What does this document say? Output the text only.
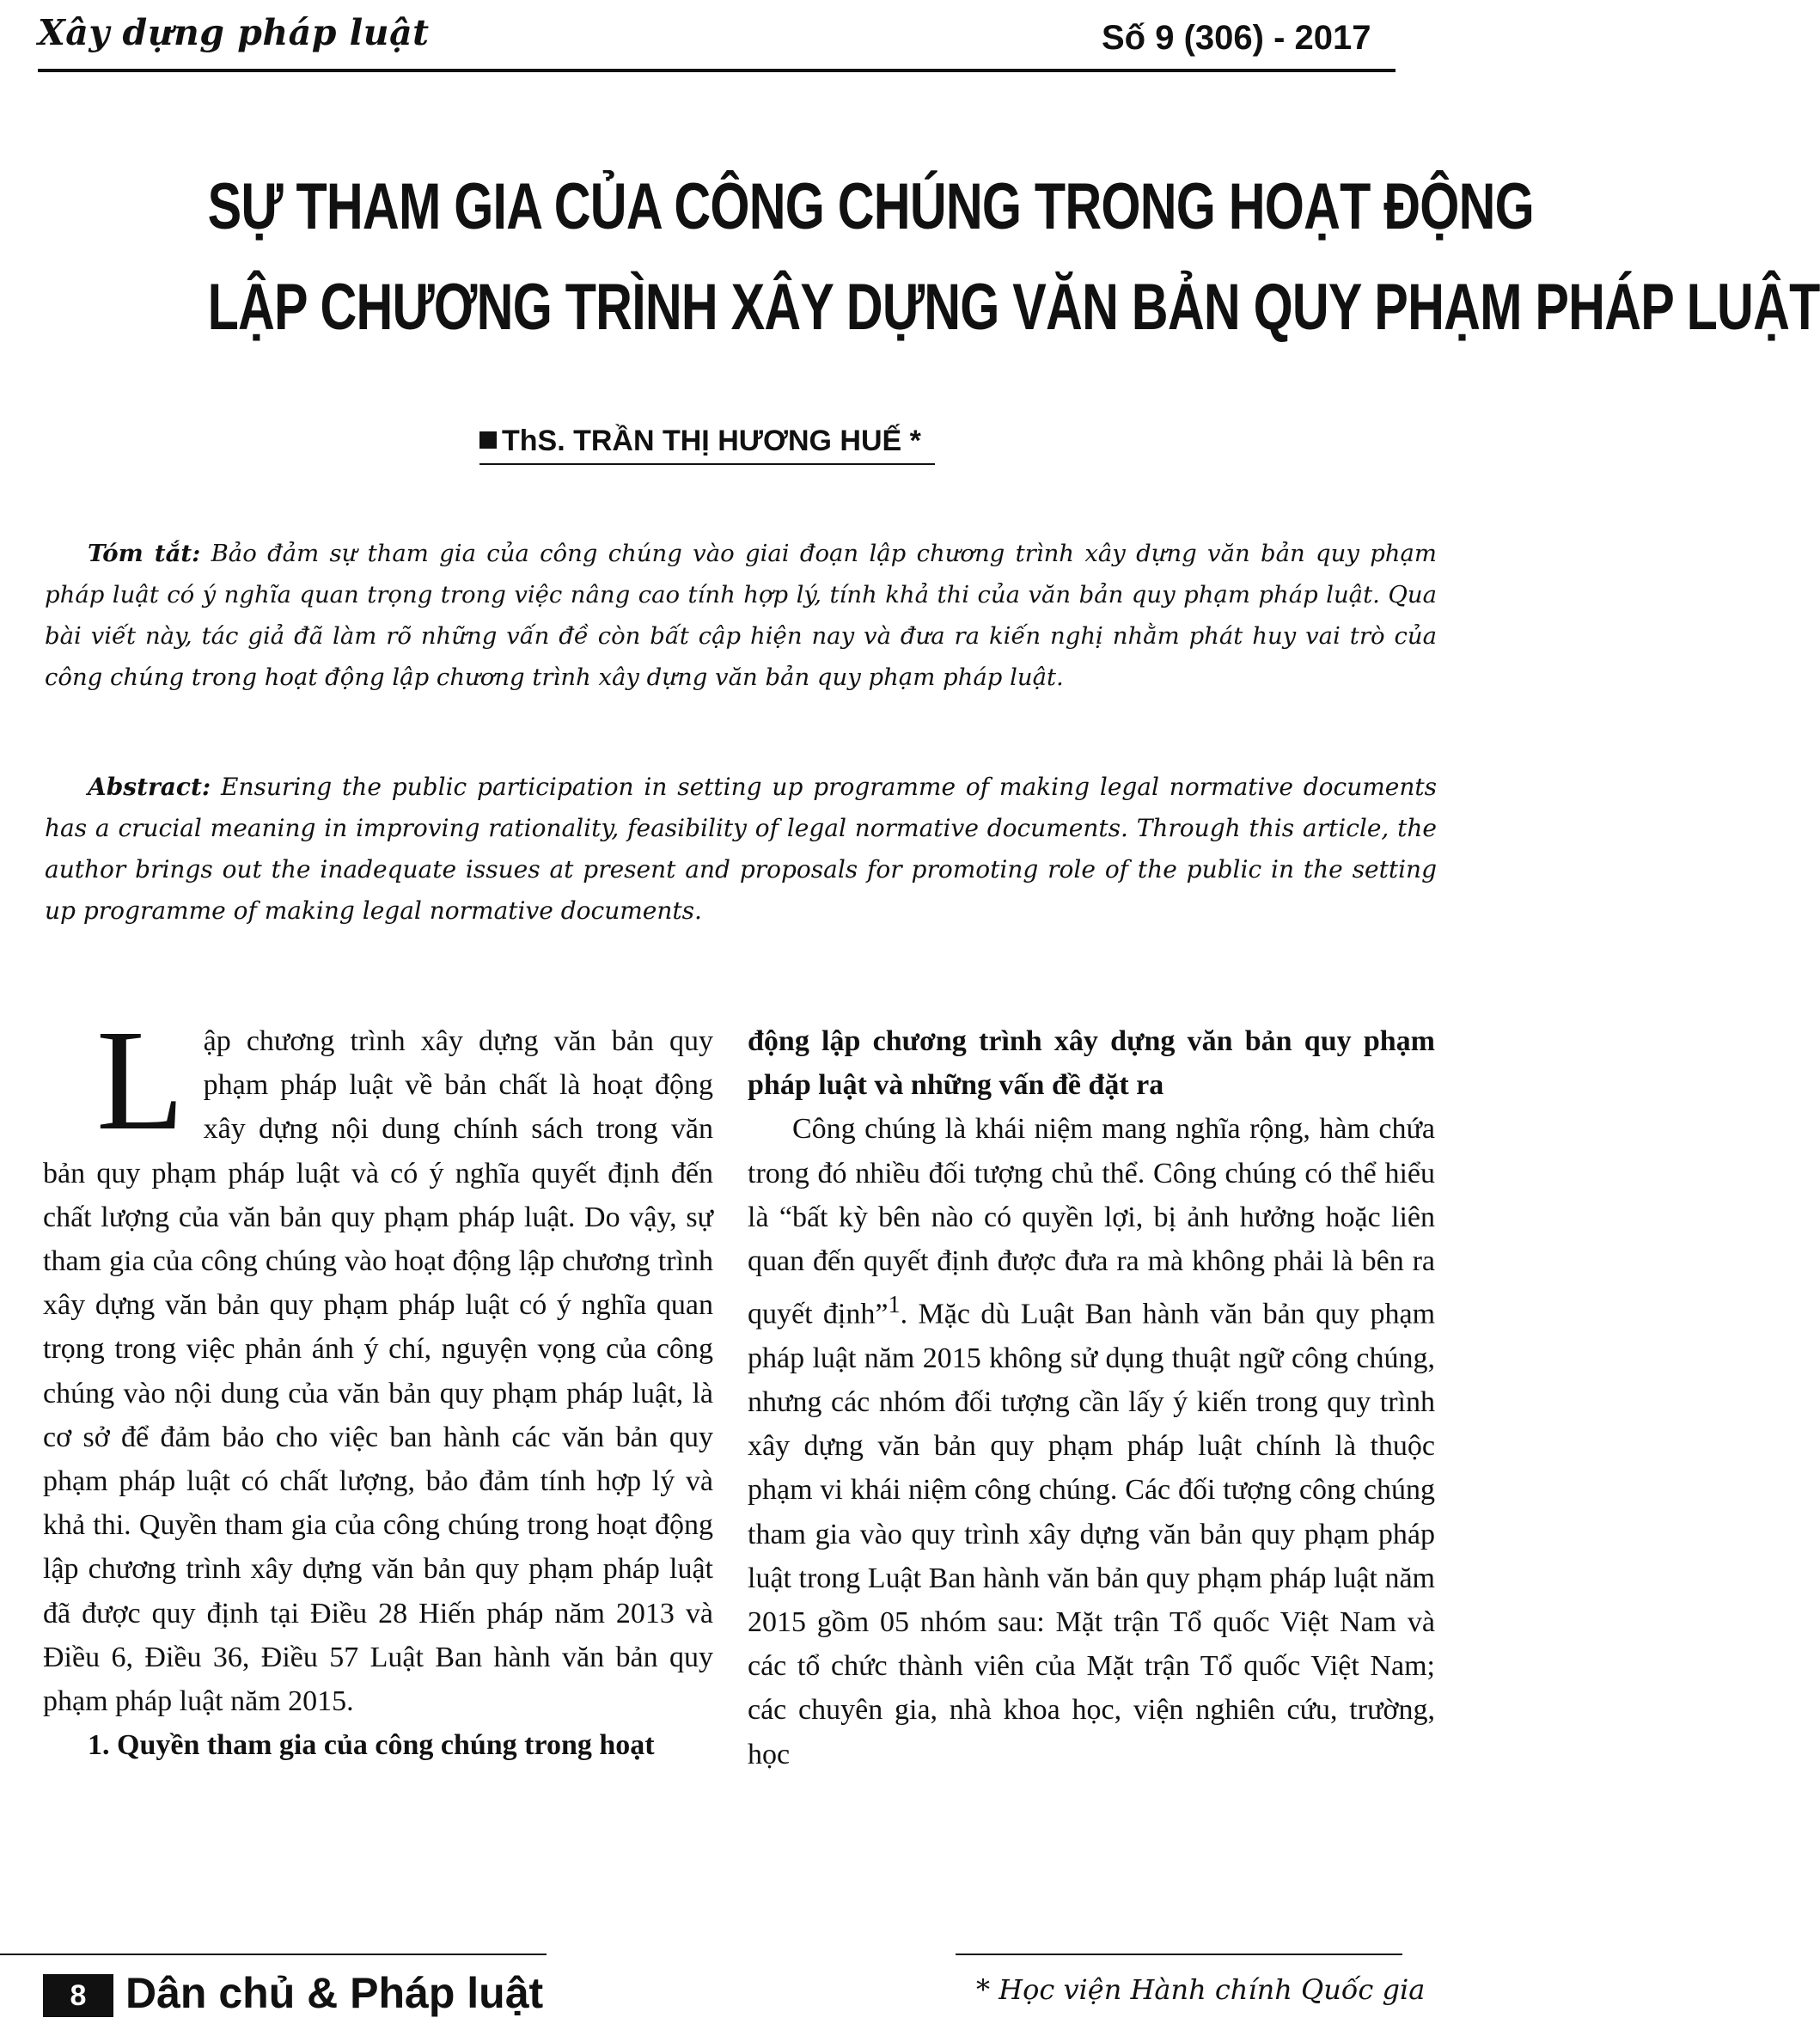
Xây dựng pháp luật	Số 9 (306) - 2017
SỰ THAM GIA CỦA CÔNG CHÚNG TRONG HOẠT ĐỘNG
LẬP CHƯƠNG TRÌNH XÂY DỰNG VĂN BẢN QUY PHẠM PHÁP LUẬT
ThS. TRẦN THỊ HƯƠNG HUẾ *
Tóm tắt: Bảo đảm sự tham gia của công chúng vào giai đoạn lập chương trình xây dựng văn bản quy phạm pháp luật có ý nghĩa quan trọng trong việc nâng cao tính hợp lý, tính khả thi của văn bản quy phạm pháp luật. Qua bài viết này, tác giả đã làm rõ những vấn đề còn bất cập hiện nay và đưa ra kiến nghị nhằm phát huy vai trò của công chúng trong hoạt động lập chương trình xây dựng văn bản quy phạm pháp luật.
Abstract: Ensuring the public participation in setting up programme of making legal normative documents has a crucial meaning in improving rationality, feasibility of legal normative documents. Through this article, the author brings out the inadequate issues at present and proposals for promoting role of the public in the setting up programme of making legal normative documents.
L ập chương trình xây dựng văn bản quy phạm pháp luật về bản chất là hoạt động xây dựng nội dung chính sách trong văn bản quy phạm pháp luật và có ý nghĩa quyết định đến chất lượng của văn bản quy phạm pháp luật. Do vậy, sự tham gia của công chúng vào hoạt động lập chương trình xây dựng văn bản quy phạm pháp luật có ý nghĩa quan trọng trong việc phản ánh ý chí, nguyện vọng của công chúng vào nội dung của văn bản quy phạm pháp luật, là cơ sở để đảm bảo cho việc ban hành các văn bản quy phạm pháp luật có chất lượng, bảo đảm tính hợp lý và khả thi. Quyền tham gia của công chúng trong hoạt động lập chương trình xây dựng văn bản quy phạm pháp luật đã được quy định tại Điều 28 Hiến pháp năm 2013 và Điều 6, Điều 36, Điều 57 Luật Ban hành văn bản quy phạm pháp luật năm 2015.

1. Quyền tham gia của công chúng trong hoạt

động lập chương trình xây dựng văn bản quy phạm pháp luật và những vấn đề đặt ra

Công chúng là khái niệm mang nghĩa rộng, hàm chứa trong đó nhiều đối tượng chủ thể. Công chúng có thể hiểu là “bất kỳ bên nào có quyền lợi, bị ảnh hưởng hoặc liên quan đến quyết định được đưa ra mà không phải là bên ra quyết định”$^1$. Mặc dù Luật Ban hành văn bản quy phạm pháp luật năm 2015 không sử dụng thuật ngữ công chúng, nhưng các nhóm đối tượng cần lấy ý kiến trong quy trình xây dựng văn bản quy phạm pháp luật chính là thuộc phạm vi khái niệm công chúng. Các đối tượng công chúng tham gia vào quy trình xây dựng văn bản quy phạm pháp luật trong Luật Ban hành văn bản quy phạm pháp luật năm 2015 gồm 05 nhóm sau: Mặt trận Tổ quốc Việt Nam và các tổ chức thành viên của Mặt trận Tổ quốc Việt Nam; các chuyên gia, nhà khoa học, viện nghiên cứu, trường, học

8 Dân chủ & Pháp luật	* Học viện Hành chính Quốc gia
